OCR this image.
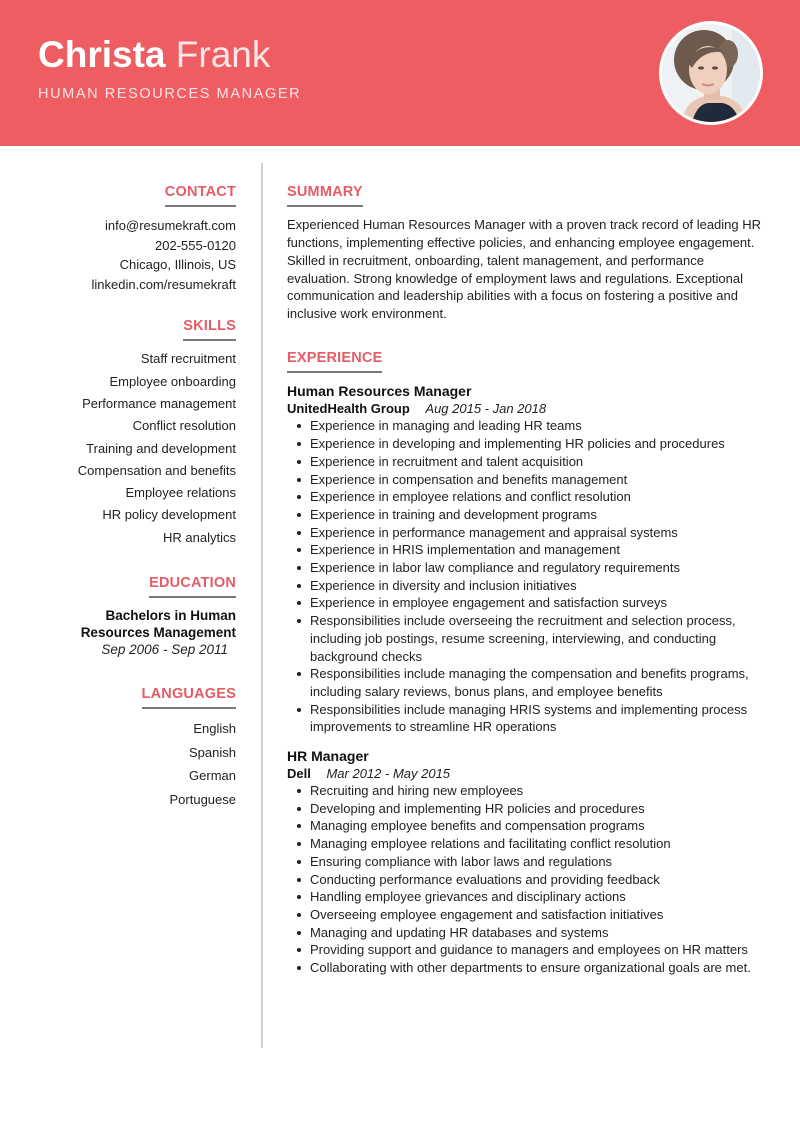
Christa Frank
HUMAN RESOURCES MANAGER
CONTACT
info@resumekraft.com
202-555-0120
Chicago, Illinois, US
linkedin.com/resumekraft
SKILLS
Staff recruitment
Employee onboarding
Performance management
Conflict resolution
Training and development
Compensation and benefits
Employee relations
HR policy development
HR analytics
EDUCATION
Bachelors in Human
Resources Management
Sep 2006 - Sep 2011
LANGUAGES
English
Spanish
German
Portuguese
SUMMARY
Experienced Human Resources Manager with a proven track record of leading HR functions, implementing effective policies, and enhancing employee engagement. Skilled in recruitment, onboarding, talent management, and performance evaluation. Strong knowledge of employment laws and regulations. Exceptional communication and leadership abilities with a focus on fostering a positive and inclusive work environment.
EXPERIENCE
Human Resources Manager
UnitedHealth Group Aug 2015 - Jan 2018
Experience in managing and leading HR teams
Experience in developing and implementing HR policies and procedures
Experience in recruitment and talent acquisition
Experience in compensation and benefits management
Experience in employee relations and conflict resolution
Experience in training and development programs
Experience in performance management and appraisal systems
Experience in HRIS implementation and management
Experience in labor law compliance and regulatory requirements
Experience in diversity and inclusion initiatives
Experience in employee engagement and satisfaction surveys
Responsibilities include overseeing the recruitment and selection process, including job postings, resume screening, interviewing, and conducting background checks
Responsibilities include managing the compensation and benefits programs, including salary reviews, bonus plans, and employee benefits
Responsibilities include managing HRIS systems and implementing process improvements to streamline HR operations
HR Manager
Dell Mar 2012 - May 2015
Recruiting and hiring new employees
Developing and implementing HR policies and procedures
Managing employee benefits and compensation programs
Managing employee relations and facilitating conflict resolution
Ensuring compliance with labor laws and regulations
Conducting performance evaluations and providing feedback
Handling employee grievances and disciplinary actions
Overseeing employee engagement and satisfaction initiatives
Managing and updating HR databases and systems
Providing support and guidance to managers and employees on HR matters
Collaborating with other departments to ensure organizational goals are met.
